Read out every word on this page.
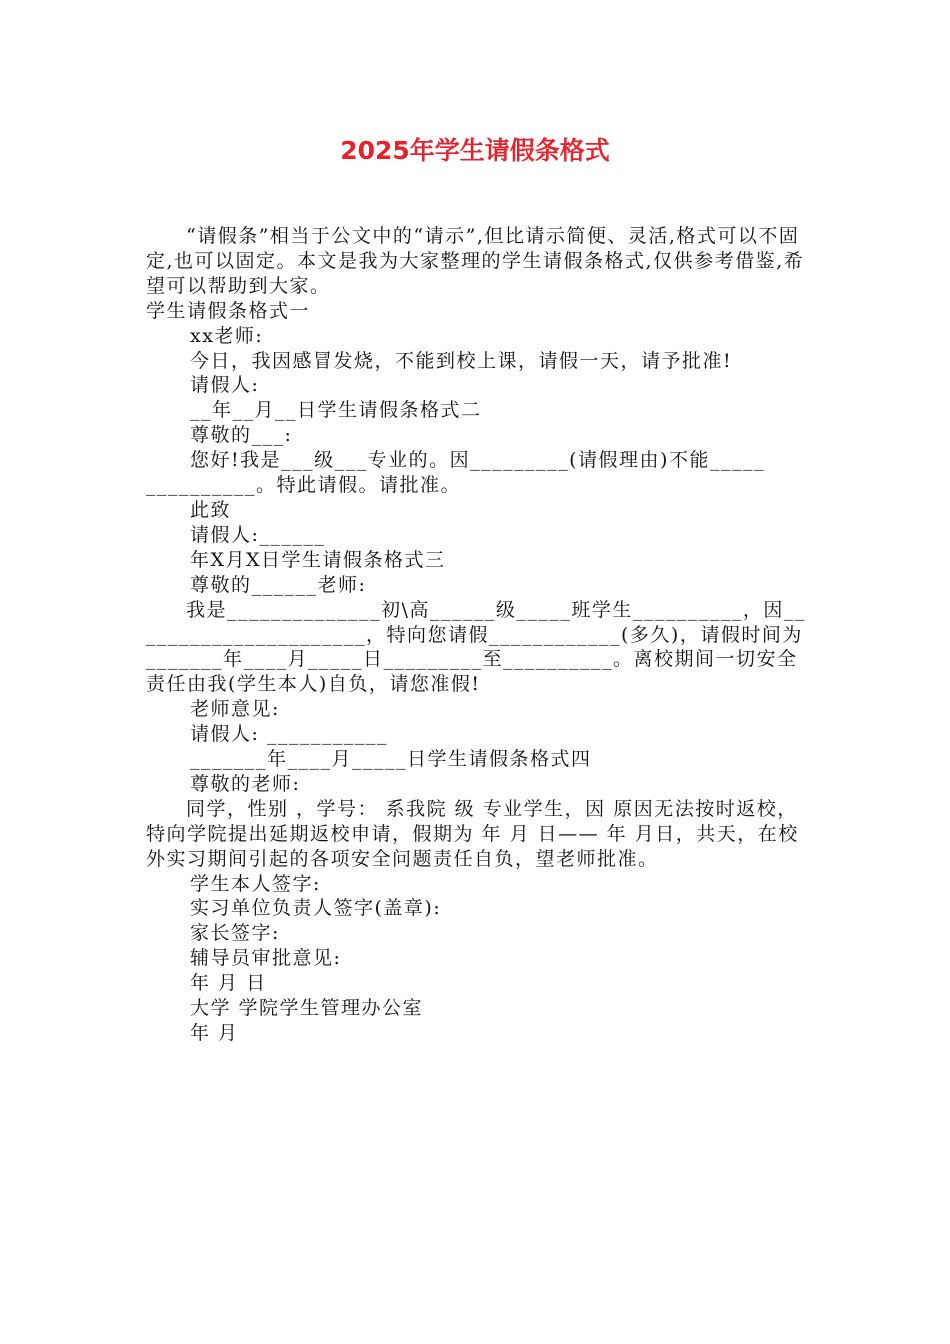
2025年学生请假条格式

“请假条”相当于公文中的“请示”,但比请示简便、灵活,格式可以不固定,也可以固定。本文是我为大家整理的学生请假条格式,仅供参考借鉴,希望可以帮助到大家。

学生请假条格式一

xx老师:

今日，我因感冒发烧，不能到校上课，请假一天，请予批准!

请假人:

__年__月__日学生请假条格式二

尊敬的___:

您好!我是___级___专业的。因_________(请假理由)不能_____

__________。特此请假。请批准。

此致

请假人:______

年X月X日学生请假条格式三

尊敬的______老师:

我是______________初\高______级_____班学生__________，因______________________，特向您请假____________(多久)，请假时间为_______年____月_____日_________至__________。离校期间一切安全责任由我(学生本人)自负，请您准假!

老师意见:

请假人: ___________

_______年____月_____日学生请假条格式四

尊敬的老师:

同学，性别 ，学号： 系我院 级 专业学生，因 原因无法按时返校，特向学院提出延期返校申请，假期为 年 月 日—— 年 月日，共天，在校外实习期间引起的各项安全问题责任自负，望老师批准。

学生本人签字:

实习单位负责人签字(盖章):

家长签字:

辅导员审批意见:

年 月 日

大学 学院学生管理办公室

年 月
